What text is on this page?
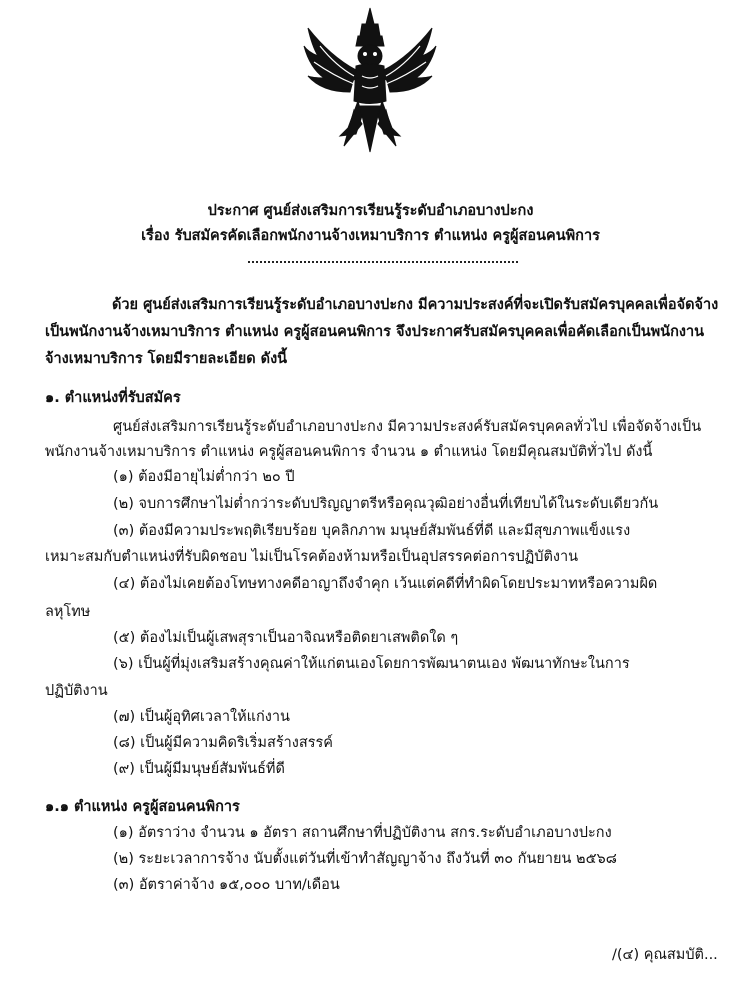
ประกาศ ศูนย์ส่งเสริมการเรียนรู้ระดับอำเภอบางปะกง
เรื่อง รับสมัครคัดเลือกพนักงานจ้างเหมาบริการ ตำแหน่ง ครูผู้สอนคนพิการ
ด้วย ศูนย์ส่งเสริมการเรียนรู้ระดับอำเภอบางปะกง มีความประสงค์ที่จะเปิดรับสมัครบุคคลเพื่อจัดจ้าง
เป็นพนักงานจ้างเหมาบริการ ตำแหน่ง ครูผู้สอนคนพิการ จึงประกาศรับสมัครบุคคลเพื่อคัดเลือกเป็นพนักงาน
จ้างเหมาบริการ โดยมีรายละเอียด ดังนี้
๑. ตำแหน่งที่รับสมัคร
ศูนย์ส่งเสริมการเรียนรู้ระดับอำเภอบางปะกง มีความประสงค์รับสมัครบุคคลทั่วไป เพื่อจัดจ้างเป็น
พนักงานจ้างเหมาบริการ ตำแหน่ง ครูผู้สอนคนพิการ จำนวน ๑ ตำแหน่ง โดยมีคุณสมบัติทั่วไป ดังนี้
(๑) ต้องมีอายุไม่ต่ำกว่า ๒๐ ปี
(๒) จบการศึกษาไม่ต่ำกว่าระดับปริญญาตรีหรือคุณวุฒิอย่างอื่นที่เทียบได้ในระดับเดียวกัน
(๓) ต้องมีความประพฤติเรียบร้อย บุคลิกภาพ มนุษย์สัมพันธ์ที่ดี และมีสุขภาพแข็งแรง
เหมาะสมกับตำแหน่งที่รับผิดชอบ ไม่เป็นโรคต้องห้ามหรือเป็นอุปสรรคต่อการปฏิบัติงาน
(๔) ต้องไม่เคยต้องโทษทางคดีอาญาถึงจำคุก เว้นแต่คดีที่ทำผิดโดยประมาทหรือความผิด
ลหุโทษ
(๕) ต้องไม่เป็นผู้เสพสุราเป็นอาจิณหรือติดยาเสพติดใด ๆ
(๖) เป็นผู้ที่มุ่งเสริมสร้างคุณค่าให้แก่ตนเองโดยการพัฒนาตนเอง พัฒนาทักษะในการ
ปฏิบัติงาน
(๗) เป็นผู้อุทิศเวลาให้แก่งาน
(๘) เป็นผู้มีความคิดริเริ่มสร้างสรรค์
(๙) เป็นผู้มีมนุษย์สัมพันธ์ที่ดี
๑.๑ ตำแหน่ง ครูผู้สอนคนพิการ
(๑) อัตราว่าง จำนวน ๑ อัตรา สถานศึกษาที่ปฏิบัติงาน สกร.ระดับอำเภอบางปะกง
(๒) ระยะเวลาการจ้าง นับตั้งแต่วันที่เข้าทำสัญญาจ้าง ถึงวันที่ ๓๐ กันยายน ๒๕๖๘
(๓) อัตราค่าจ้าง ๑๕,๐๐๐ บาท/เดือน
/(๔) คุณสมบัติ...
